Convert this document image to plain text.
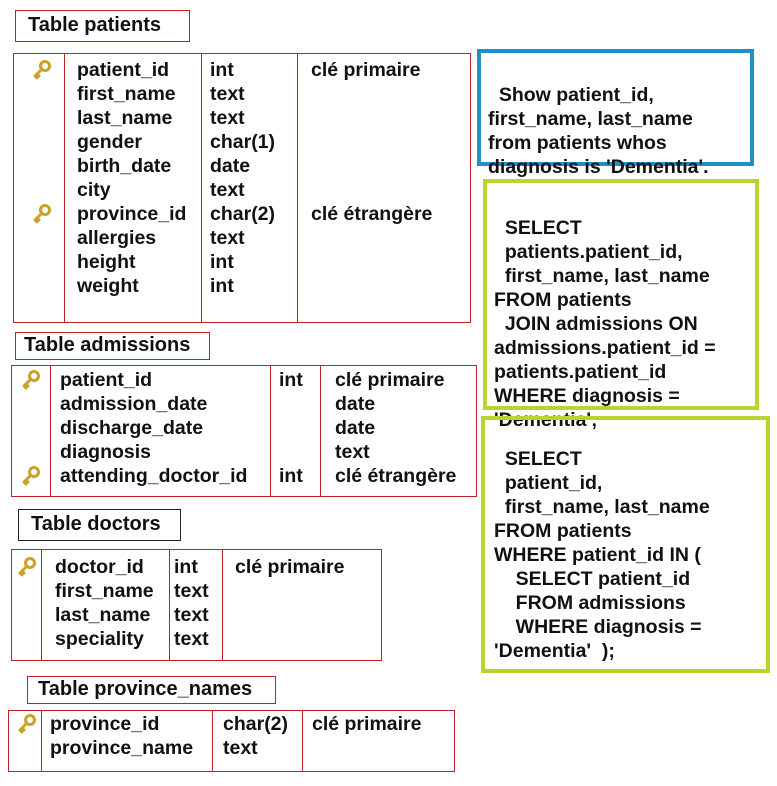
Table patients
patient_id int	clé primaire
first_name text
last_name text
gender	char(1)
birth_date date
city	text
province_id char(2) clé étrangère
allergies	text
height	int
weight	int
Table admissions
patient_id	int clé primaire
admission_date	date
discharge_date	date
diagnosis	text
attending_doctor_id int clé étrangère
Table doctors
doctor_id int clé primaire
first_name text
last_name text
speciality text
Table province_names
province_id	char(2) clé primaire
province_name text

Show patient_id,
first_name, last_name
from patients whos
diagnosis is 'Dementia'.

SELECT
patients.patient_id,
first_name, last_name
FROM patients
JOIN admissions ON
admissions.patient_id =
patients.patient_id
WHERE diagnosis =
'Dementia';

SELECT
patient_id,
first_name, last_name
FROM patients
WHERE patient_id IN (
SELECT patient_id
FROM admissions
WHERE diagnosis =
'Dementia'  );
